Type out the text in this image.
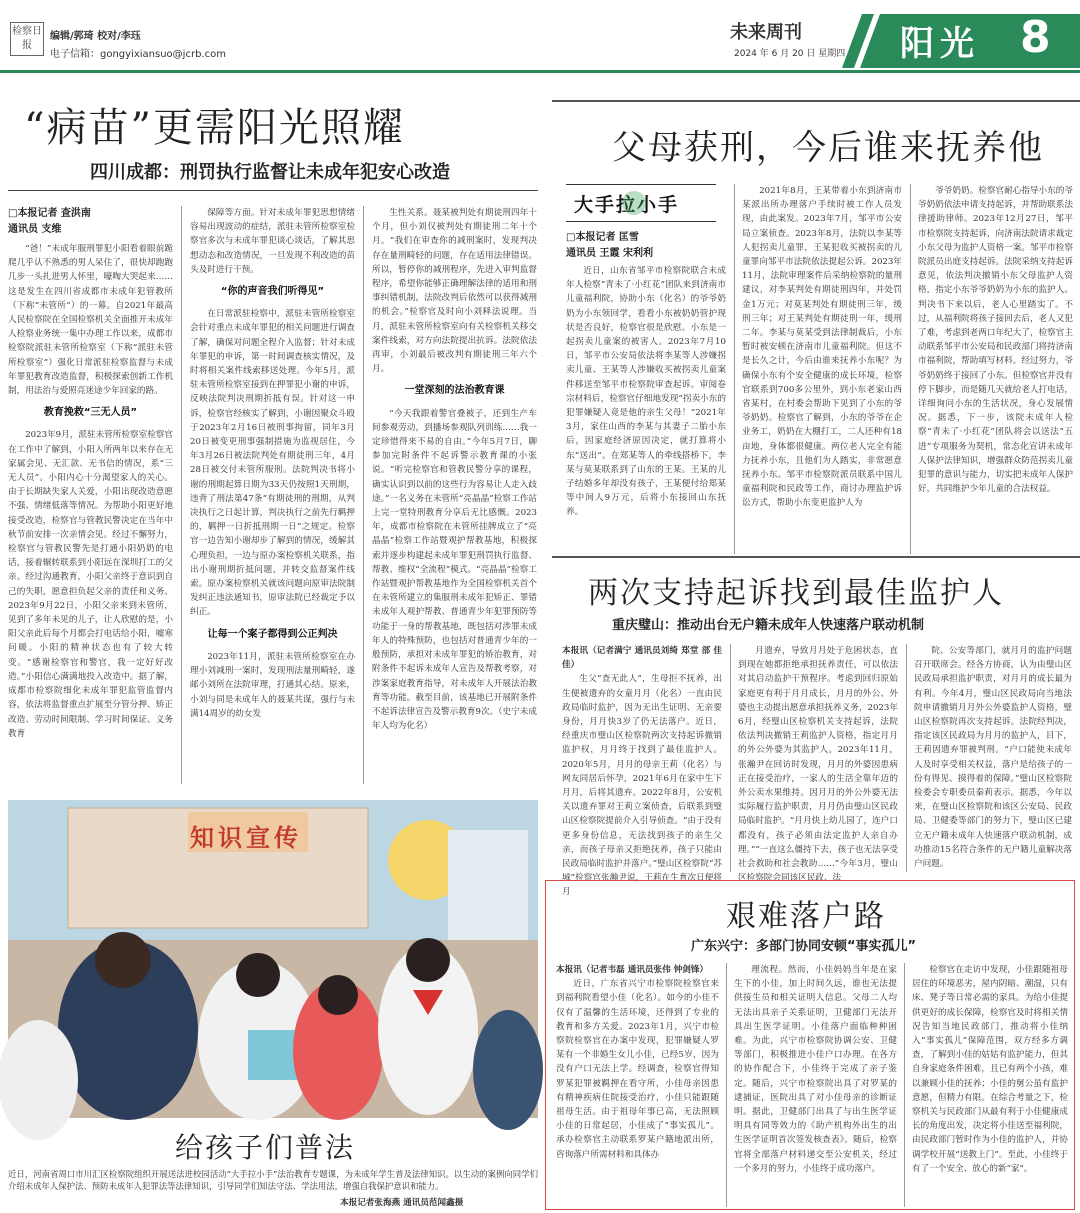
检察日报
编辑/郭琦 校对/李珏
电子信箱：gongyixiansuo@jcrb.com
未来周刊
2024 年 6 月 20 日 星期四 阳光 8
“病苗”更需阳光照耀
四川成都：刑罚执行监督让未成年犯安心改造
□本报记者 查洪南
通讯员 支维

“爸！”未成年服刑罪犯小阳看着眼前跪爬几乎认不熟悉的男人呆住了，很快却跑跑几步一头扎进男人怀里，嚎啕大哭起来……这是发生在四川省成都市未成年犯管教所（下称“未管所”）的一幕。自2021年最高人民检察院在全国检察机关全面推开未成年人检察业务统一集中办理工作以来，成都市检察院派驻未管所检察室（下称“派驻未管所检察室”）强化日常派驻检察监督与未成年罪犯教育改造监督，积极探索创新工作机制，用法治与爱照亮迷途少年回家的路。

教育挽救“三无人员”

2023年9月，派驻未管所检察室检察官在工作中了解到，小阳入所两年以来存在无家属会见、无汇款、无书信的情况，系“三无人员”。小阳内心十分渴望家人的关心。由于长期缺失家人关爱，小阳出现改造意愿不强、情绪低落等情况。为帮助小阳更好地接受改造，检察官与管教民警决定在当年中秋节前安排一次亲情会见。经过不懈努力，检察官与管教民警先是打通小阳奶奶的电话，接着辗转联系到小阳远在深圳打工的父亲。经过沟通教育，小阳父亲终于意识到自己的失职，愿意担负起父亲的责任和义务。2023年9月22日，小阳父亲来到未管所，见到了多年未见的儿子，让人欣慰的是，小阳父亲此后每个月都会打电话给小阳，嘘寒问暖。小阳的精神状态也有了较大转变。“感谢检察官和警官，我一定好好改造。”小阳信心满满地投入改造中。据了解，成都市检察院细化未成年罪犯监管监督内容，依法将监督重点扩展至分管分押、矫正改造、劳动时间限制、学习时间保证、义务教育

保障等方面。针对未成年罪犯思想情绪容易出现波动的症结，派驻未管所检察室检察官多次与未成年罪犯谈心谈话，了解其思想动态和改造情况，一旦发现不利改造的苗头及时进行干预。

“你的声音我们听得见”

在日常派驻检察中，派驻未管所检察室会针对重点未成年罪犯的相关问题进行调查了解，确保对问题全程介入监督；针对未成年罪犯的申诉，第一时间调查核实情况，及时将相关案件线索移送处理。今年5月，派驻未管所检察室接到在押罪犯小谢的申诉，反映法院判决刑期折抵有误。针对这一申诉，检察官经核实了解到，小谢因聚众斗殴于2023年2月16日被刑事拘留，同年3月20日被变更刑事强制措施为监视居住，今年3月26日被法院判处有期徒刑三年，4月28日被交付未管所服刑。法院判决书将小谢的刑期起算日期为33天仍按照1天刑期，违背了刑法第47条“有期徒刑的刑期，从判决执行之日起计算，判决执行之前先行羁押的，羁押一日折抵刑期一日”之规定。检察官一边告知小谢却步了解到的情况，缓解其心理负担，一边与原办案检察机关联系，指出小谢刑期折抵问题，并转交监督案件线索。原办案检察机关就该问题向原审法院制发纠正违法通知书，原审法院已经裁定予以纠正。

让每一个案子都得到公正判决

2023年11月，派驻未管所检察室在办理小刘减刑一案时，发现刑法量刑畸轻，遂邮小刘所在法院审理，打通其心结。原来，小刘与同是未成年人的聂某共谋，强行与未满14周岁的幼女发

生性关系。聂某被判处有期徒刑四年十个月，但小刘仅被判处有期徒刑二年十个月。“我们在审查你的减刑案时，发现判决存在量刑畸轻的问题，存在适用法律错误。所以，暂停你的减刑程序，先进入审判监督程序，希望你能够正确理解法律的适用和刑事纠错机制，法院改判后依然可以获得减刑的机会。”检察官及时向小刘释法说理。当月，派驻未管所检察室向有关检察机关移交案件线索，对方向法院提出抗诉。法院依法再审，小刘最后被改判有期徒刑三年六个月。

一堂深刻的法治教育课

“今天我跟着警官叠被子，还到生产车间参观劳动，到播场参观队列训练……我一定珍惜得来不易的自由。”今年5月7日，聊参加完附条件不起诉警示教育课的小张说。“听完检察官和管教民警分享的课程，确实认识到以前的这些行为容易让人走入歧途。”一名义务在未管所“亮晶晶”检察工作站上完一堂特刑教育分享后无比感慨。2023年，成都市检察院在未管所挂牌成立了“亮晶晶”检察工作站暨观护帮教基地，积极探索并逐步构建起未成年罪犯刑罚执行监督、帮教、维权“全流程”模式。“亮晶晶”检察工作站暨观护帮教基地作为全国检察机关首个在未管所建立的集服刑未成年犯矫正、罪错未成年人观护帮教、普通青少年犯罪预防等功能于一身的帮教基地，既包括对涉罪未成年人的特殊预防，也包括对普通青少年的一般预防，承担对未成年罪犯的矫治教育，对附条件不起诉未成年人宣告及帮教考察，对涉案家庭教育指导，对未成年人开展法治教育等功能。截至目前，该基地已开展附条件不起诉法律宣告及警示教育9次。（史宁未成年人均为化名）

知识宣传
给孩子们普法
近日，河南省周口市川汇区检察院组织开展送法进校园活动“大手拉小手”法治教育专题课，为未成年学生普及法律知识。以生动的案例向同学们介绍未成年人保护法、预防未成年人犯罪法等法律知识，引导同学们知法守法、学法用法，增强自我保护意识和能力。
本报记者张海燕 通讯员范闻鑫摄
父母获刑，今后谁来抚养他
大手拉小手
□本报记者 匡雪
通讯员 王霞 宋利利

近日，山东省邹平市检察院联合未成年人检察“青未了·小红花”团队来到济南市儿童福利院，协助小东（化名）的爷爷奶奶为小东领回学，看看小东被奶奶管护现状是否良好，检察官很是欣慰。小东是一起拐卖儿童案的被害人。2023年7月10日，邹平市公安局依法将李某等人涉嫌拐卖儿童、王某等人涉嫌收买被拐卖儿童案件移送至邹平市检察院审查起诉。审阅卷宗材料后，检察官仔细地发现“拐卖小东的犯罪嫌疑人竟是他的亲生父母！”2021年3月，家住山西的李某与其妻子二胎小东后，因家庭经济原因决定，就打算将小东“送出”。在郑某等人的牵线搭桥下，李某与莫某联系到了山东的王某。王某的儿子结婚多年却没有孩子，王某便付给郑某等中间人9万元，后将小东接回山东抚养。

2021年8月，王某带着小东到济南市某派出所办理落户手续时被工作人员发现，由此案发。2023年7月，邹平市公安局立案侦查。2023年8月，法院以李某等人犯拐卖儿童罪，王某犯收买被拐卖的儿童罪向邹平市法院依法提起公诉。2023年11月，法院审理案件后采纳检察院的量刑建议，对李某判处有期徒刑四年，并处罚金1万元；对莫某判处有期徒刑三年，缓刑三年；对王某判处有期徒刑一年，缓刑二年。李某与莫某受到法律制裁后，小东暂时被安顿在济南市儿童福利院。但这不是长久之计，今后由谁来抚养小东呢？为确保小东有个安全健康的成长环境，检察官联系到700多公里外，到小东老家山西省某村，在村委会帮助下见到了小东的爷爷奶奶。检察官了解到，小东的爷爷在企业务工，奶奶在大棚打工，二人还种有18亩地，身体都很健康。两位老人完全有能力抚养小东，且他们为人踏实，非常愿意抚养小东。邹平市检察院派员联系中国儿童福利院和民政等工作，商讨办理监护诉讼方式，帮助小东变更监护人为

爷爷奶奶。检察官耐心指导小东的爷爷奶奶依法申请支持起诉，并帮助联系法律援助律师。2023年12月27日，邹平市检察院支持起诉，向济南法院请求裁定小东父母为监护人资格一案。邹平市检察院派员出庭支持起诉。法院采纳支持起诉意见，依法判决撤销小东父母监护人资格，指定小东爷爷奶奶为小东的监护人。判决书下来以后，老人心里踏实了。不过，从福利院将孩子接回去后，老人又犯了难，考虑到老两口年纪大了，检察官主动联系邹平市公安局和民政部门将持济南市福利院，帮助填写材料。经过努力，爷爷奶奶终于接回了小东。但检察官并没有停下脚步，而是随几天就给老人打电话，详细询问小东的生活状况，身心发展情况。据悉，下一步，该院未成年人检察“青未了·小红花”团队将会以送法“五进”专项服务为契机，常态化宣讲未成年人保护法律知识，增强群众防范拐卖儿童犯罪的意识与能力，切实把未成年人保护好，共同维护少年儿童的合法权益。

两次支持起诉找到最佳监护人
重庆璧山：推动出台无户籍未成年人快速落户联动机制

本报讯（记者满宁 通讯员刘绮 郑堂 部 佳 佳）

生父“查无此人”，生母拒不抚养，出生便被遗弃的女童月月（化名）一直由民政局临时监护，因为无出生证明、无亲要身份，月月快3岁了仍无法落户。近日，经重庆市璧山区检察院两次支持起诉撤销监护权，月月终于找到了最佳监护人。2020年5月，月月的母亲王莉（化名）与网友同居后怀孕，2021年6月在家中生下月月，后将其遗弃。2022年8月，公安机关以遗弃罪对王莉立案侦查，后联系到璧山区检察院提前介入引导侦查。“由于没有更多身份信息，无法找到孩子的亲生父亲，而孩子母亲又拒绝抚养，孩子只能由民政局临时监护并落户。”璧山区检察院“苏城”检察官张瀚尹说，王莉在生育次日便将月

月遗弃，导致月月处于危困状态，直到现在她都拒绝承担抚养责任，可以依法对其启动监护干预程序。考虑到回归原始家庭更有利于月月成长，月月的外公、外婆也主动提出愿意承担抚养义务，2023年6月，经璧山区检察机关支持起诉，法院依法判决撤销王莉监护人资格，指定月月的外公外婆为其监护人。2023年11月，张瀚尹在回访时发现，月月的外婆因患病正在接受治疗，一家人的生活全靠年迈的外公卖水果维持。因月月的外公外婆无法实际履行监护职责，月月仍由璧山区民政局临时监护。“月月快上幼儿园了，连户口都没有，孩子必须由法定监护人亲自办理。”“一直这么僵持下去，孩子也无法享受社会救助和社会教助……”今年3月，璧山区检察院会同该区民政、法

院、公安等部门，就月月的监护问题召开联席会。经各方协商，认为由璧山区民政局承担监护职责，对月月的成长最为有利。今年4月，璧山区民政局向当地法院申请撤销月月外公外婆监护人资格，璧山区检察院再次支持起诉。法院经判决，指定该区民政局为月月的监护人，目下，王莉因遗弃罪被判刑。“户口能使未成年人及时享受相关权益，落户是给孩子的一份有得见、摸得着的保障。”璧山区检察院检委会专职委员秦莉表示。据悉，今年以来，在璧山区检察院和该区公安局、民政局、卫健委等部门的努力下，璧山区已建立无户籍未成年人快速落户联动机制，成功推动15名符合条件的无户籍儿童解决落户问题。

艰难落户路
广东兴宁：多部门协同安顿“事实孤儿”

本报讯（记者韦磊 通讯员张伟 钟剑锋）

近日，广东省兴宁市检察院检察官来到福利院看望小佳（化名）。如今的小佳不仅有了温馨的生活环境，还得到了专业的教育和多方关爱。2023年1月，兴宁市检察院检察官在办案中发现，犯罪嫌疑人罗某有一个非婚生女儿小佳，已经5岁，因为没有户口无法上学。经调查，检察官得知罗某犯罪被羁押在看守所，小佳母亲因患有精神疾病住院接受治疗，小佳只能跟随祖母生活。由于祖母年事已高，无法照顾小佳的日常起居，小佳成了“事实孤儿”。承办检察官主动联系罗某户籍地派出所，咨询落户所需材料和具体办

理流程。然而，小佳妈妈当年是在家生下的小佳，加上时间久远，谁也无法提供接生员和相关证明人信息。父母二人均无法出具亲子关系证明，卫健部门无法开具出生医学证明。小佳落户面临种种困难。为此，兴宁市检察院协调公安、卫健等部门，积极推进小佳户口办理。在各方的协作配合下，小佳终于完成了亲子鉴定。随后，兴宁市检察院出具了对罗某的逮捕证，医院出具了对小佳母亲的诊断证明。据此，卫健部门出具了与出生医学证明具有同等效力的《助产机构外出生的出生医学证明首次签发核查表》。随后，检察官将全部落户材料递交至公安机关，经过一个多月的努力，小佳终于成功落户。

检察官在走访中发现，小佳跟随祖母居住的环境恶劣，屋内阴暗、潮湿，只有床、凳子等日常必需的家具。为给小佳提供更好的成长保障，检察官及时将相关情况告知当地民政部门，推动将小佳纳入“事实孤儿”保障范围，双方经多方调查，了解到小佳的姑姑有监护能力，但其自身家庭条件困难，且已有两个小孩，难以兼顾小佳的抚养；小佳的舅公虽有监护意愿，但精力有限。在综合考量之下，检察机关与民政部门从最有利于小佳健康成长的角度出发，决定将小佳送至福利院，由民政部门暂时作为小佳的监护人，并协调学校开展“送教上门”。至此，小佳终于有了一个安全、放心的新“家”。
